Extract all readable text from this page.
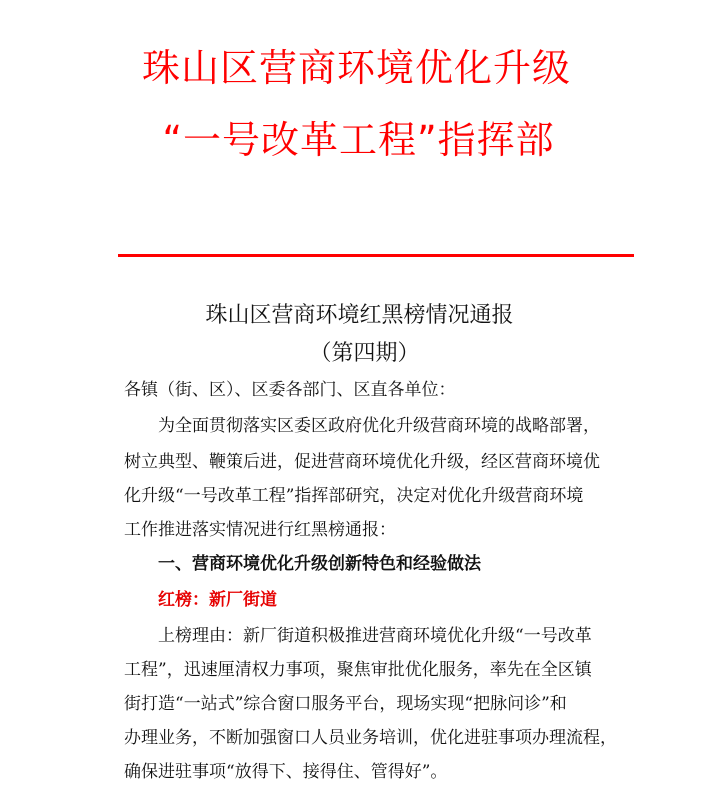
珠山区营商环境优化升级
“一号改革工程”指挥部
珠山区营商环境红黑榜情况通报
（第四期）
各镇（街、区）、区委各部门、区直各单位：
为全面贯彻落实区委区政府优化升级营商环境的战略部署，
树立典型、鞭策后进，促进营商环境优化升级，经区营商环境优
化升级“一号改革工程”指挥部研究，决定对优化升级营商环境
工作推进落实情况进行红黑榜通报：
一、营商环境优化升级创新特色和经验做法
红榜：新厂街道
上榜理由：新厂街道积极推进营商环境优化升级“一号改革
工程”，迅速厘清权力事项，聚焦审批优化服务，率先在全区镇
街打造“一站式”综合窗口服务平台，现场实现“把脉问诊”和
办理业务，不断加强窗口人员业务培训，优化进驻事项办理流程，
确保进驻事项“放得下、接得住、管得好”。
